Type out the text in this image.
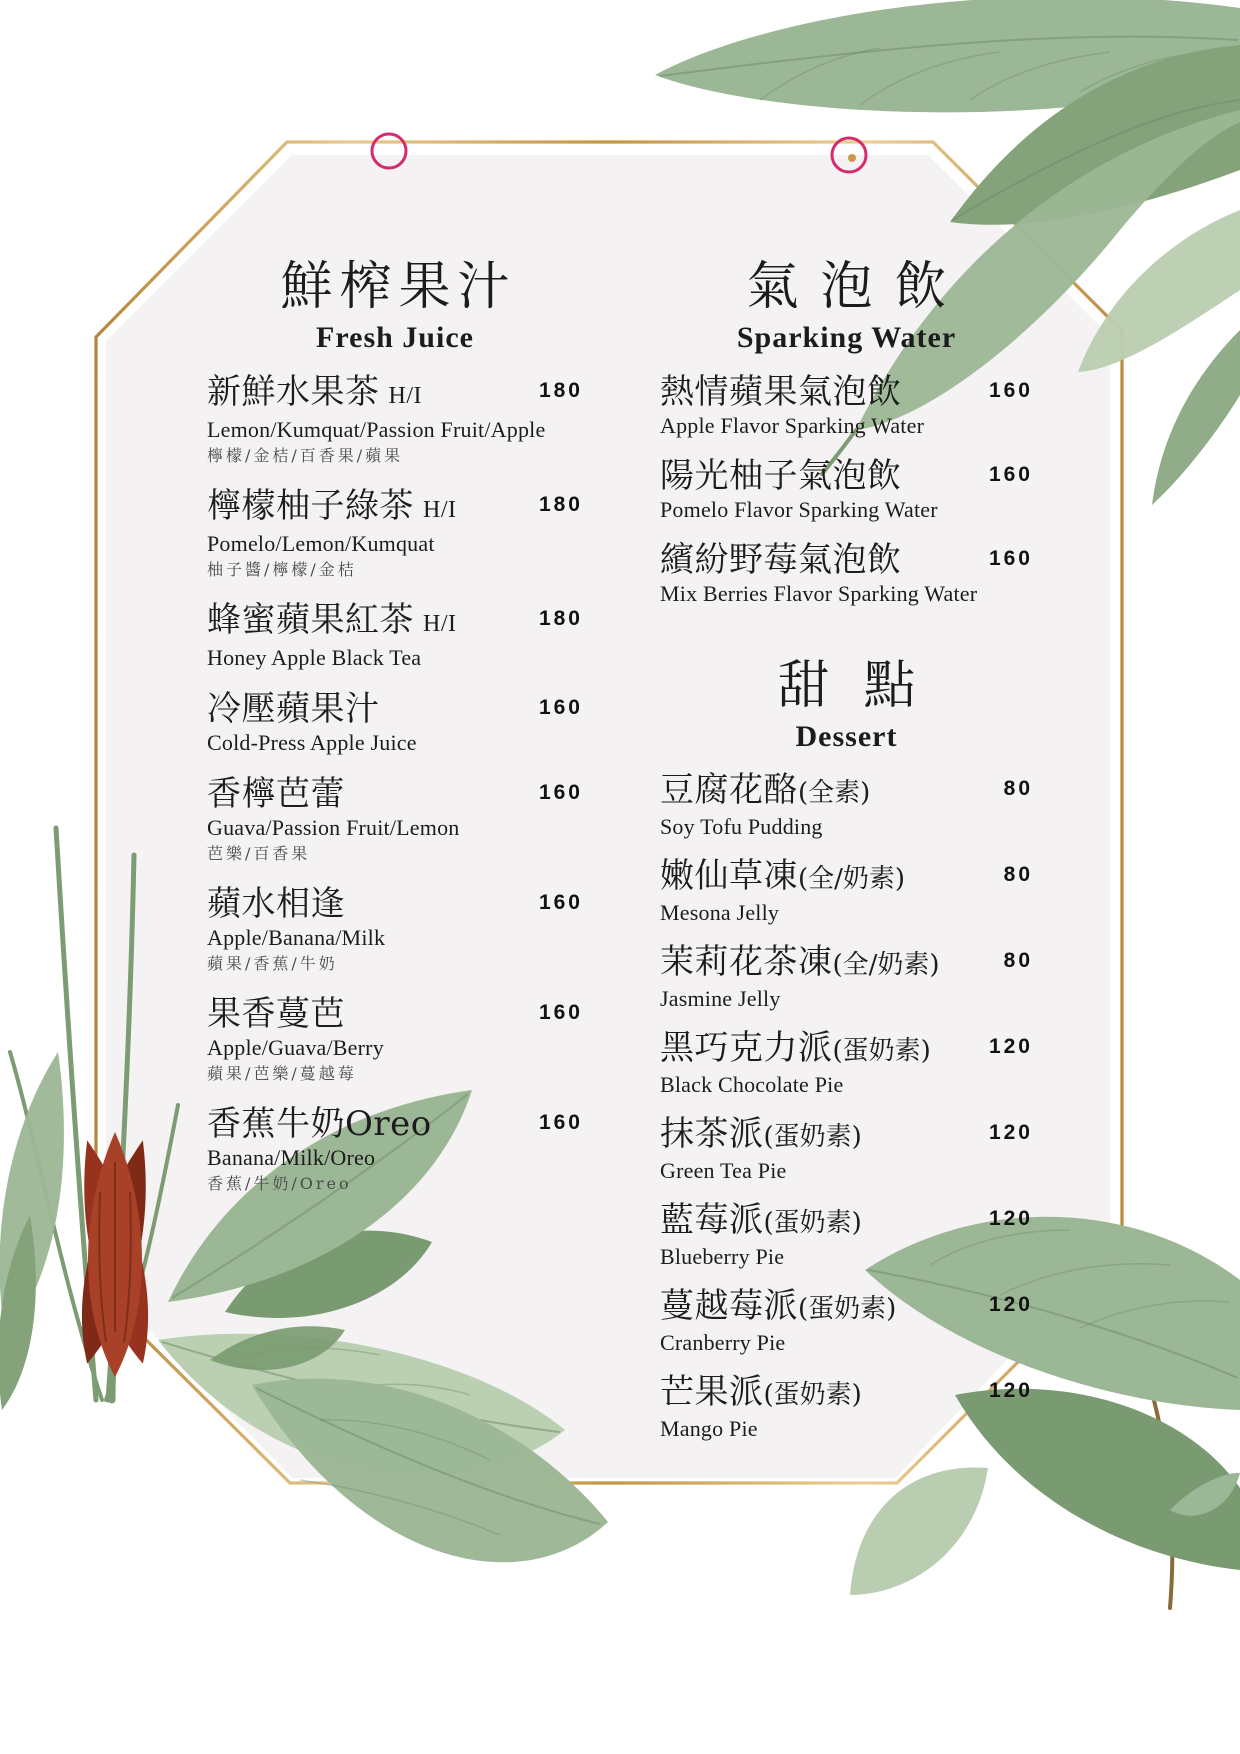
鮮榨果汁
Fresh Juice
氣泡飲
Sparking Water
甜點
Dessert
180
新鮮水果茶 H/I
Lemon/Kumquat/Passion Fruit/Apple
檸檬/金桔/百香果/蘋果
180
檸檬柚子綠茶 H/I
Pomelo/Lemon/Kumquat
柚子醬/檸檬/金桔
180
蜂蜜蘋果紅茶 H/I
Honey Apple Black Tea
160
冷壓蘋果汁
Cold-Press Apple Juice
160
香檸芭蕾
Guava/Passion Fruit/Lemon
芭樂/百香果
160
蘋水相逢
Apple/Banana/Milk
蘋果/香蕉/牛奶
160
果香蔓芭
Apple/Guava/Berry
蘋果/芭樂/蔓越莓
160
香蕉牛奶Oreo
Banana/Milk/Oreo
香蕉/牛奶/Oreo
160
熱情蘋果氣泡飲
Apple Flavor Sparking Water
160
陽光柚子氣泡飲
Pomelo Flavor Sparking Water
160
繽紛野莓氣泡飲
Mix Berries Flavor Sparking Water
80
豆腐花酪(全素)
Soy Tofu Pudding
80
嫩仙草凍(全/奶素)
Mesona Jelly
80
茉莉花茶凍(全/奶素)
Jasmine Jelly
120
黑巧克力派(蛋奶素)
Black Chocolate Pie
120
抹茶派(蛋奶素)
Green Tea Pie
120
藍莓派(蛋奶素)
Blueberry Pie
120
蔓越莓派(蛋奶素)
Cranberry Pie
120
芒果派(蛋奶素)
Mango Pie
